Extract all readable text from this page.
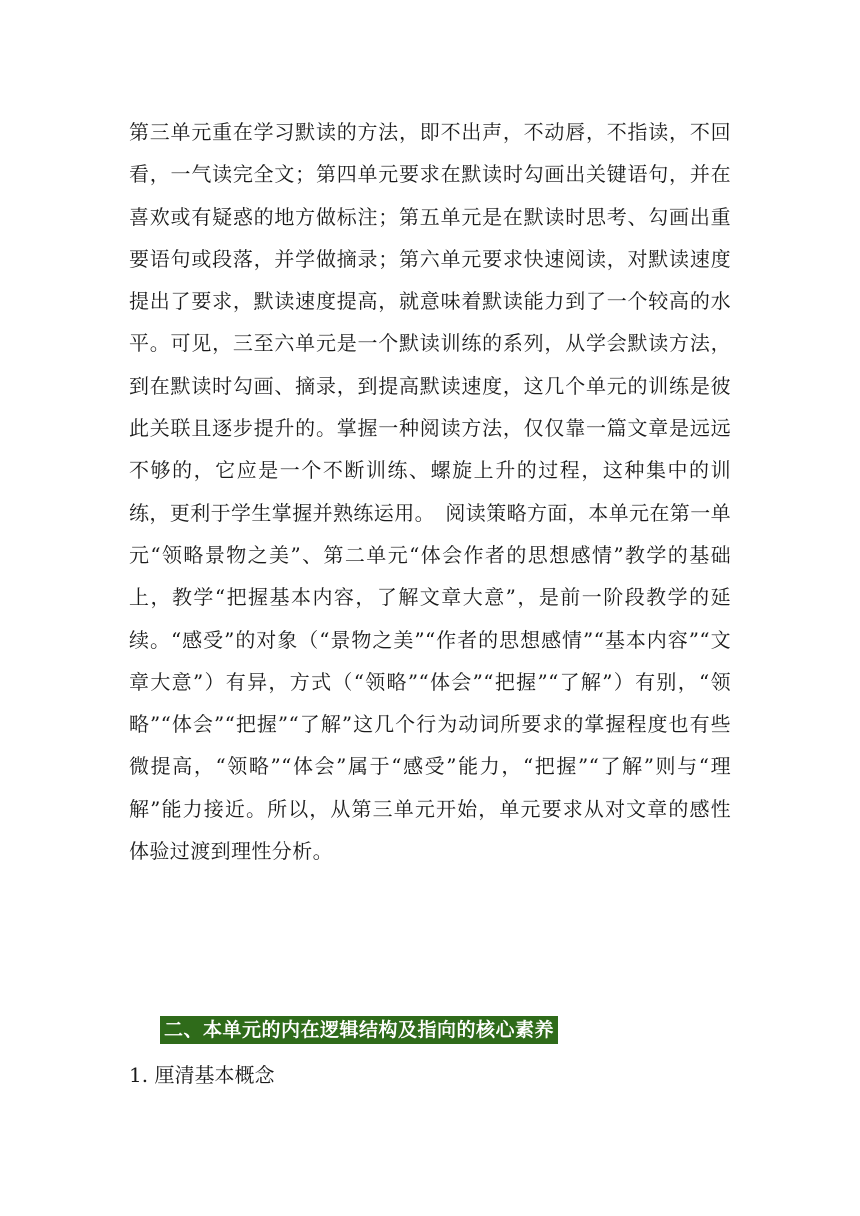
第三单元重在学习默读的方法，即不出声，不动唇，不指读，不回看，一气读完全文；第四单元要求在默读时勾画出关键语句，并在喜欢或有疑惑的地方做标注；第五单元是在默读时思考、勾画出重要语句或段落，并学做摘录；第六单元要求快速阅读，对默读速度提出了要求，默读速度提高，就意味着默读能力到了一个较高的水平。可见，三至六单元是一个默读训练的系列，从学会默读方法，到在默读时勾画、摘录，到提高默读速度，这几个单元的训练是彼此关联且逐步提升的。掌握一种阅读方法，仅仅靠一篇文章是远远不够的，它应是一个不断训练、螺旋上升的过程，这种集中的训练，更利于学生掌握并熟练运用。　阅读策略方面，本单元在第一单元“领略景物之美”、第二单元“体会作者的思想感情”教学的基础上，教学“把握基本内容，了解文章大意”，是前一阶段教学的延续。“感受”的对象（“景物之美”“作者的思想感情”“基本内容”“文章大意”）有异，方式（“领略”“体会”“把握”“了解”）有别，“领略”“体会”“把握”“了解”这几个行为动词所要求的掌握程度也有些微提高，“领略”“体会”属于“感受”能力，“把握”“了解”则与“理解”能力接近。所以，从第三单元开始，单元要求从对文章的感性体验过渡到理性分析。

二、本单元的内在逻辑结构及指向的核心素养

1. 厘清基本概念
